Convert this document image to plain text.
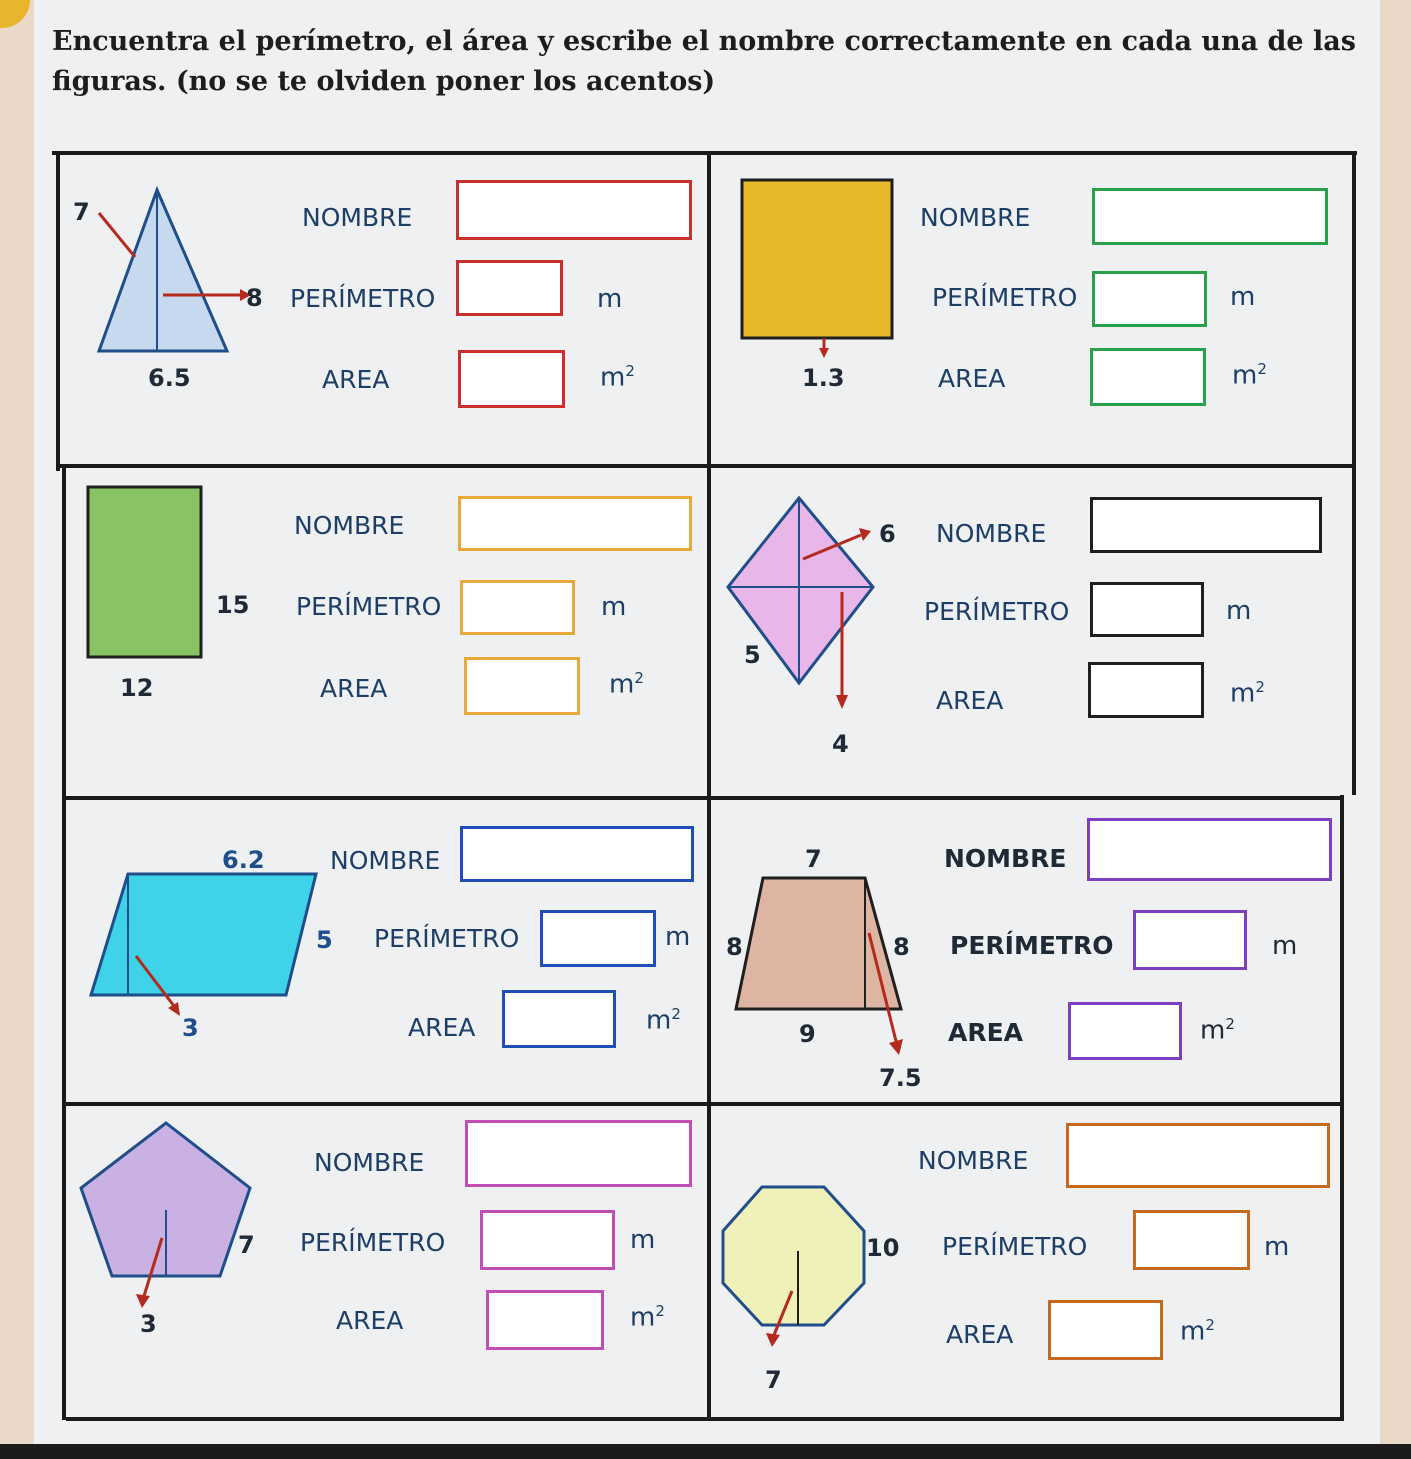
Encuentra el perímetro, el área y escribe el nombre correctamente en cada una de las figuras. (no se te olviden poner los acentos)
7
8
6.5
NOMBRE
PERÍMETRO	m
AREA	$m^2$	1.3
NOMBRE
PERÍMETRO	m
AREA	$m^2$
15
12
NOMBRE
PERÍMETRO	m
AREA	$m^2$
6
5
4
NOMBRE
PERÍMETRO	m
AREA	$m^2$
6.2
5
3
NOMBRE
PERÍMETRO	m
AREA	$m^2$
7
8	8
9
7.5
NOMBRE
PERÍMETRO	m
AREA	$m^2$
7
3
NOMBRE
PERÍMETRO	m
AREA	$m^2$
10
7
NOMBRE
PERÍMETRO	m
AREA	$m^2$
